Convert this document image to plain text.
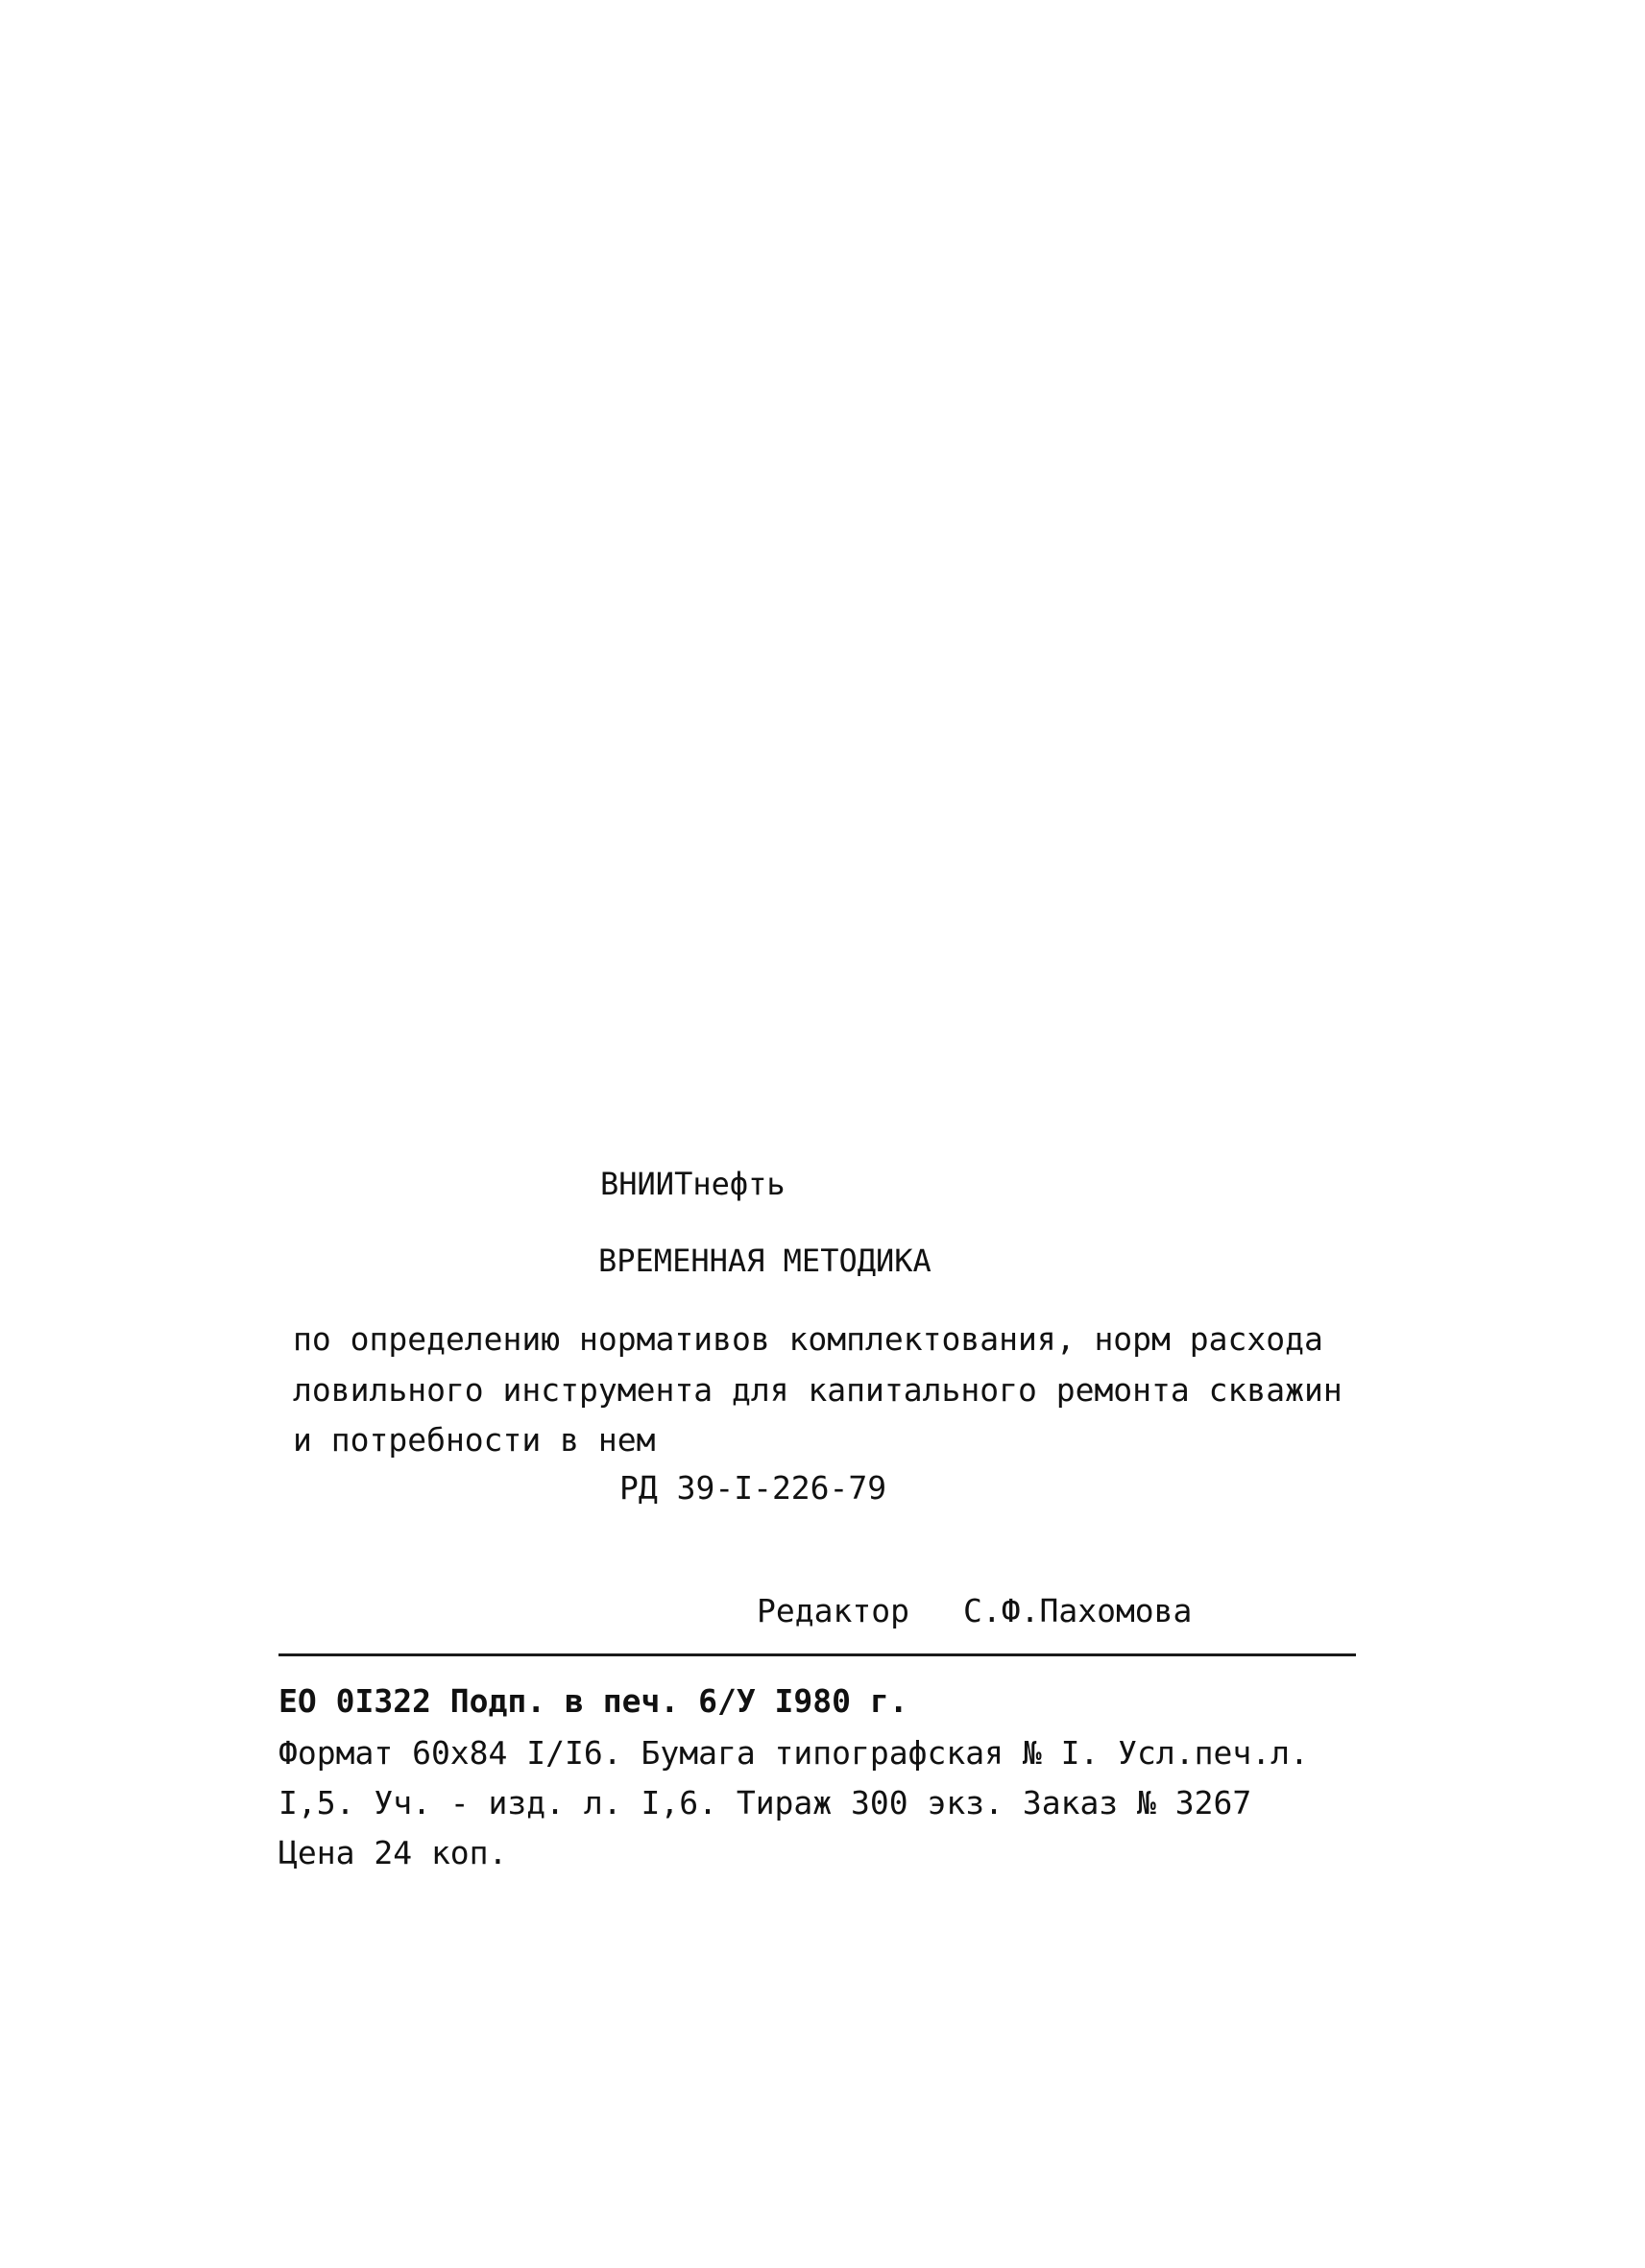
ВНИИТнефть
ВРЕМЕННАЯ МЕТОДИКА
по определению нормативов комплектования, норм расхода
ловильного инструмента для капитального ремонта скважин
и потребности в нем
РД 39-I-226-79
Редактор С.Ф.Пахомова
ЕО 0I322 Подп. в печ. 6/У I980 г.
Формат 60х84 I/I6. Бумага типографская № I. Усл.печ.л.
I,5. Уч. - изд. л. I,6. Тираж 300 экз. Заказ № 3267
Цена 24 коп.
